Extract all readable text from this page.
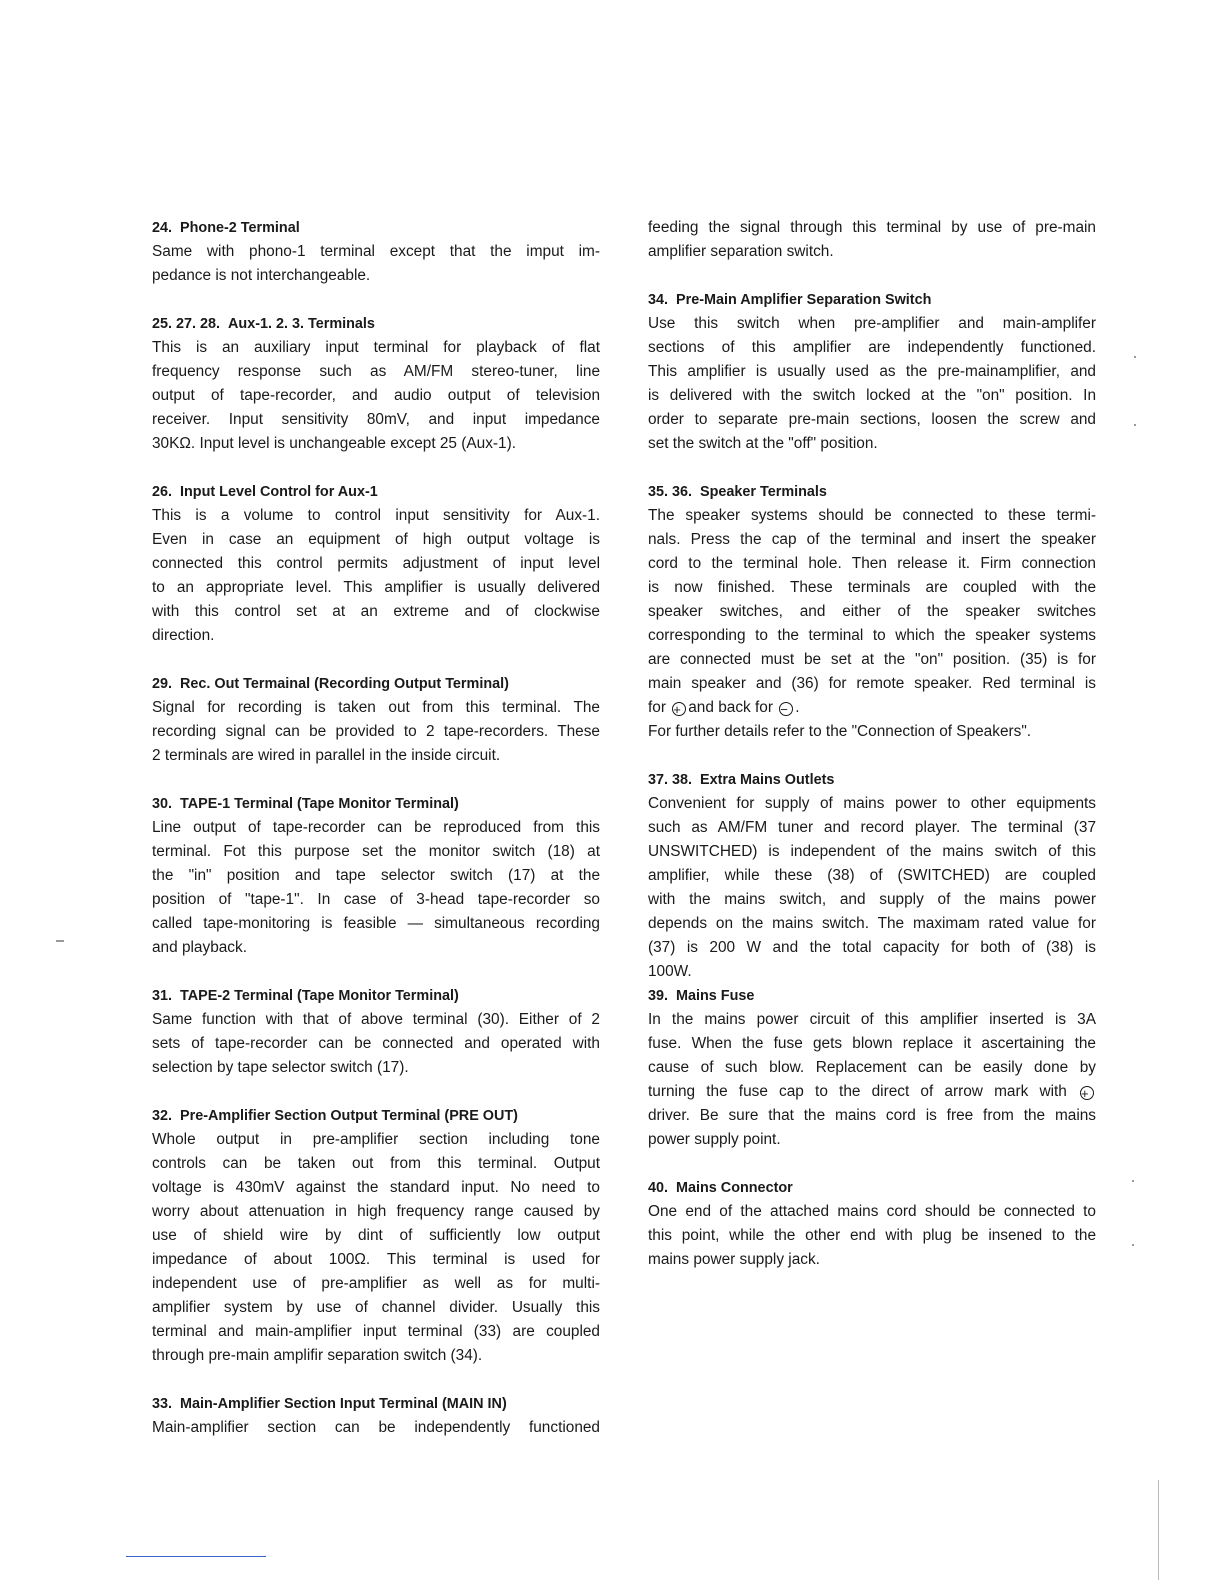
24. Phone-2 Terminal

Same with phono-1 terminal except that the imput im-
pedance is not interchangeable.

25. 27. 28. Aux-1. 2. 3. Terminals

This is an auxiliary input terminal for playback of flat
frequency response such as AM/FM stereo-tuner, line
output of tape-recorder, and audio output of television
receiver. Input sensitivity 80mV, and input impedance
30KΩ. Input level is unchangeable except 25 (Aux-1).

26. Input Level Control for Aux-1

This is a volume to control input sensitivity for Aux-1.
Even in case an equipment of high output voltage is
connected this control permits adjustment of input level
to an appropriate level. This amplifier is usually delivered
with this control set at an extreme and of clockwise
direction.

29. Rec. Out Termainal (Recording Output Terminal)

Signal for recording is taken out from this terminal. The
recording signal can be provided to 2 tape-recorders. These
2 terminals are wired in parallel in the inside circuit.

30. TAPE-1 Terminal (Tape Monitor Terminal)

Line output of tape-recorder can be reproduced from this
terminal. Fot this purpose set the monitor switch (18) at
the "in" position and tape selector switch (17) at the
position of "tape-1". In case of 3-head tape-recorder so
called tape-monitoring is feasible — simultaneous recording
and playback.

31. TAPE-2 Terminal (Tape Monitor Terminal)

Same function with that of above terminal (30). Either of 2
sets of tape-recorder can be connected and operated with
selection by tape selector switch (17).

32. Pre-Amplifier Section Output Terminal (PRE OUT)

Whole output in pre-amplifier section including tone
controls can be taken out from this terminal. Output
voltage is 430mV against the standard input. No need to
worry about attenuation in high frequency range caused by
use of shield wire by dint of sufficiently low output
impedance of about 100Ω. This terminal is used for
independent use of pre-amplifier as well as for multi-
amplifier system by use of channel divider. Usually this
terminal and main-amplifier input terminal (33) are coupled
through pre-main amplifir separation switch (34).

33. Main-Amplifier Section Input Terminal (MAIN IN)

Main-amplifier section can be independently functioned

feeding the signal through this terminal by use of pre-main
amplifier separation switch.

34. Pre-Main Amplifier Separation Switch

Use this switch when pre-amplifier and main-amplifer
sections of this amplifier are independently functioned.
This amplifier is usually used as the pre-mainamplifier, and
is delivered with the switch locked at the "on" position. In
order to separate pre-main sections, loosen the screw and
set the switch at the "off" position.

35. 36. Speaker Terminals

The speaker systems should be connected to these termi-
nals. Press the cap of the terminal and insert the speaker
cord to the terminal hole. Then release it. Firm connection
is now finished. These terminals are coupled with the
speaker switches, and either of the speaker switches
corresponding to the terminal to which the speaker systems
are connected must be set at the "on" position. (35) is for
main speaker and (36) for remote speaker. Red terminal is
for + and back for − .
For further details refer to the "Connection of Speakers".

37. 38. Extra Mains Outlets

Convenient for supply of mains power to other equipments
such as AM/FM tuner and record player. The terminal (37
UNSWITCHED) is independent of the mains switch of this
amplifier, while these (38) of (SWITCHED) are coupled
with the mains switch, and supply of the mains power
depends on the mains switch. The maximam rated value for
(37) is 200 W and the total capacity for both of (38) is
100W.

39. Mains Fuse

In the mains power circuit of this amplifier inserted is 3A
fuse. When the fuse gets blown replace it ascertaining the
cause of such blow. Replacement can be easily done by
turning the fuse cap to the direct of arrow mark with +
driver. Be sure that the mains cord is free from the mains
power supply point.

40. Mains Connector

One end of the attached mains cord should be connected to
this point, while the other end with plug be insened to the
mains power supply jack.
